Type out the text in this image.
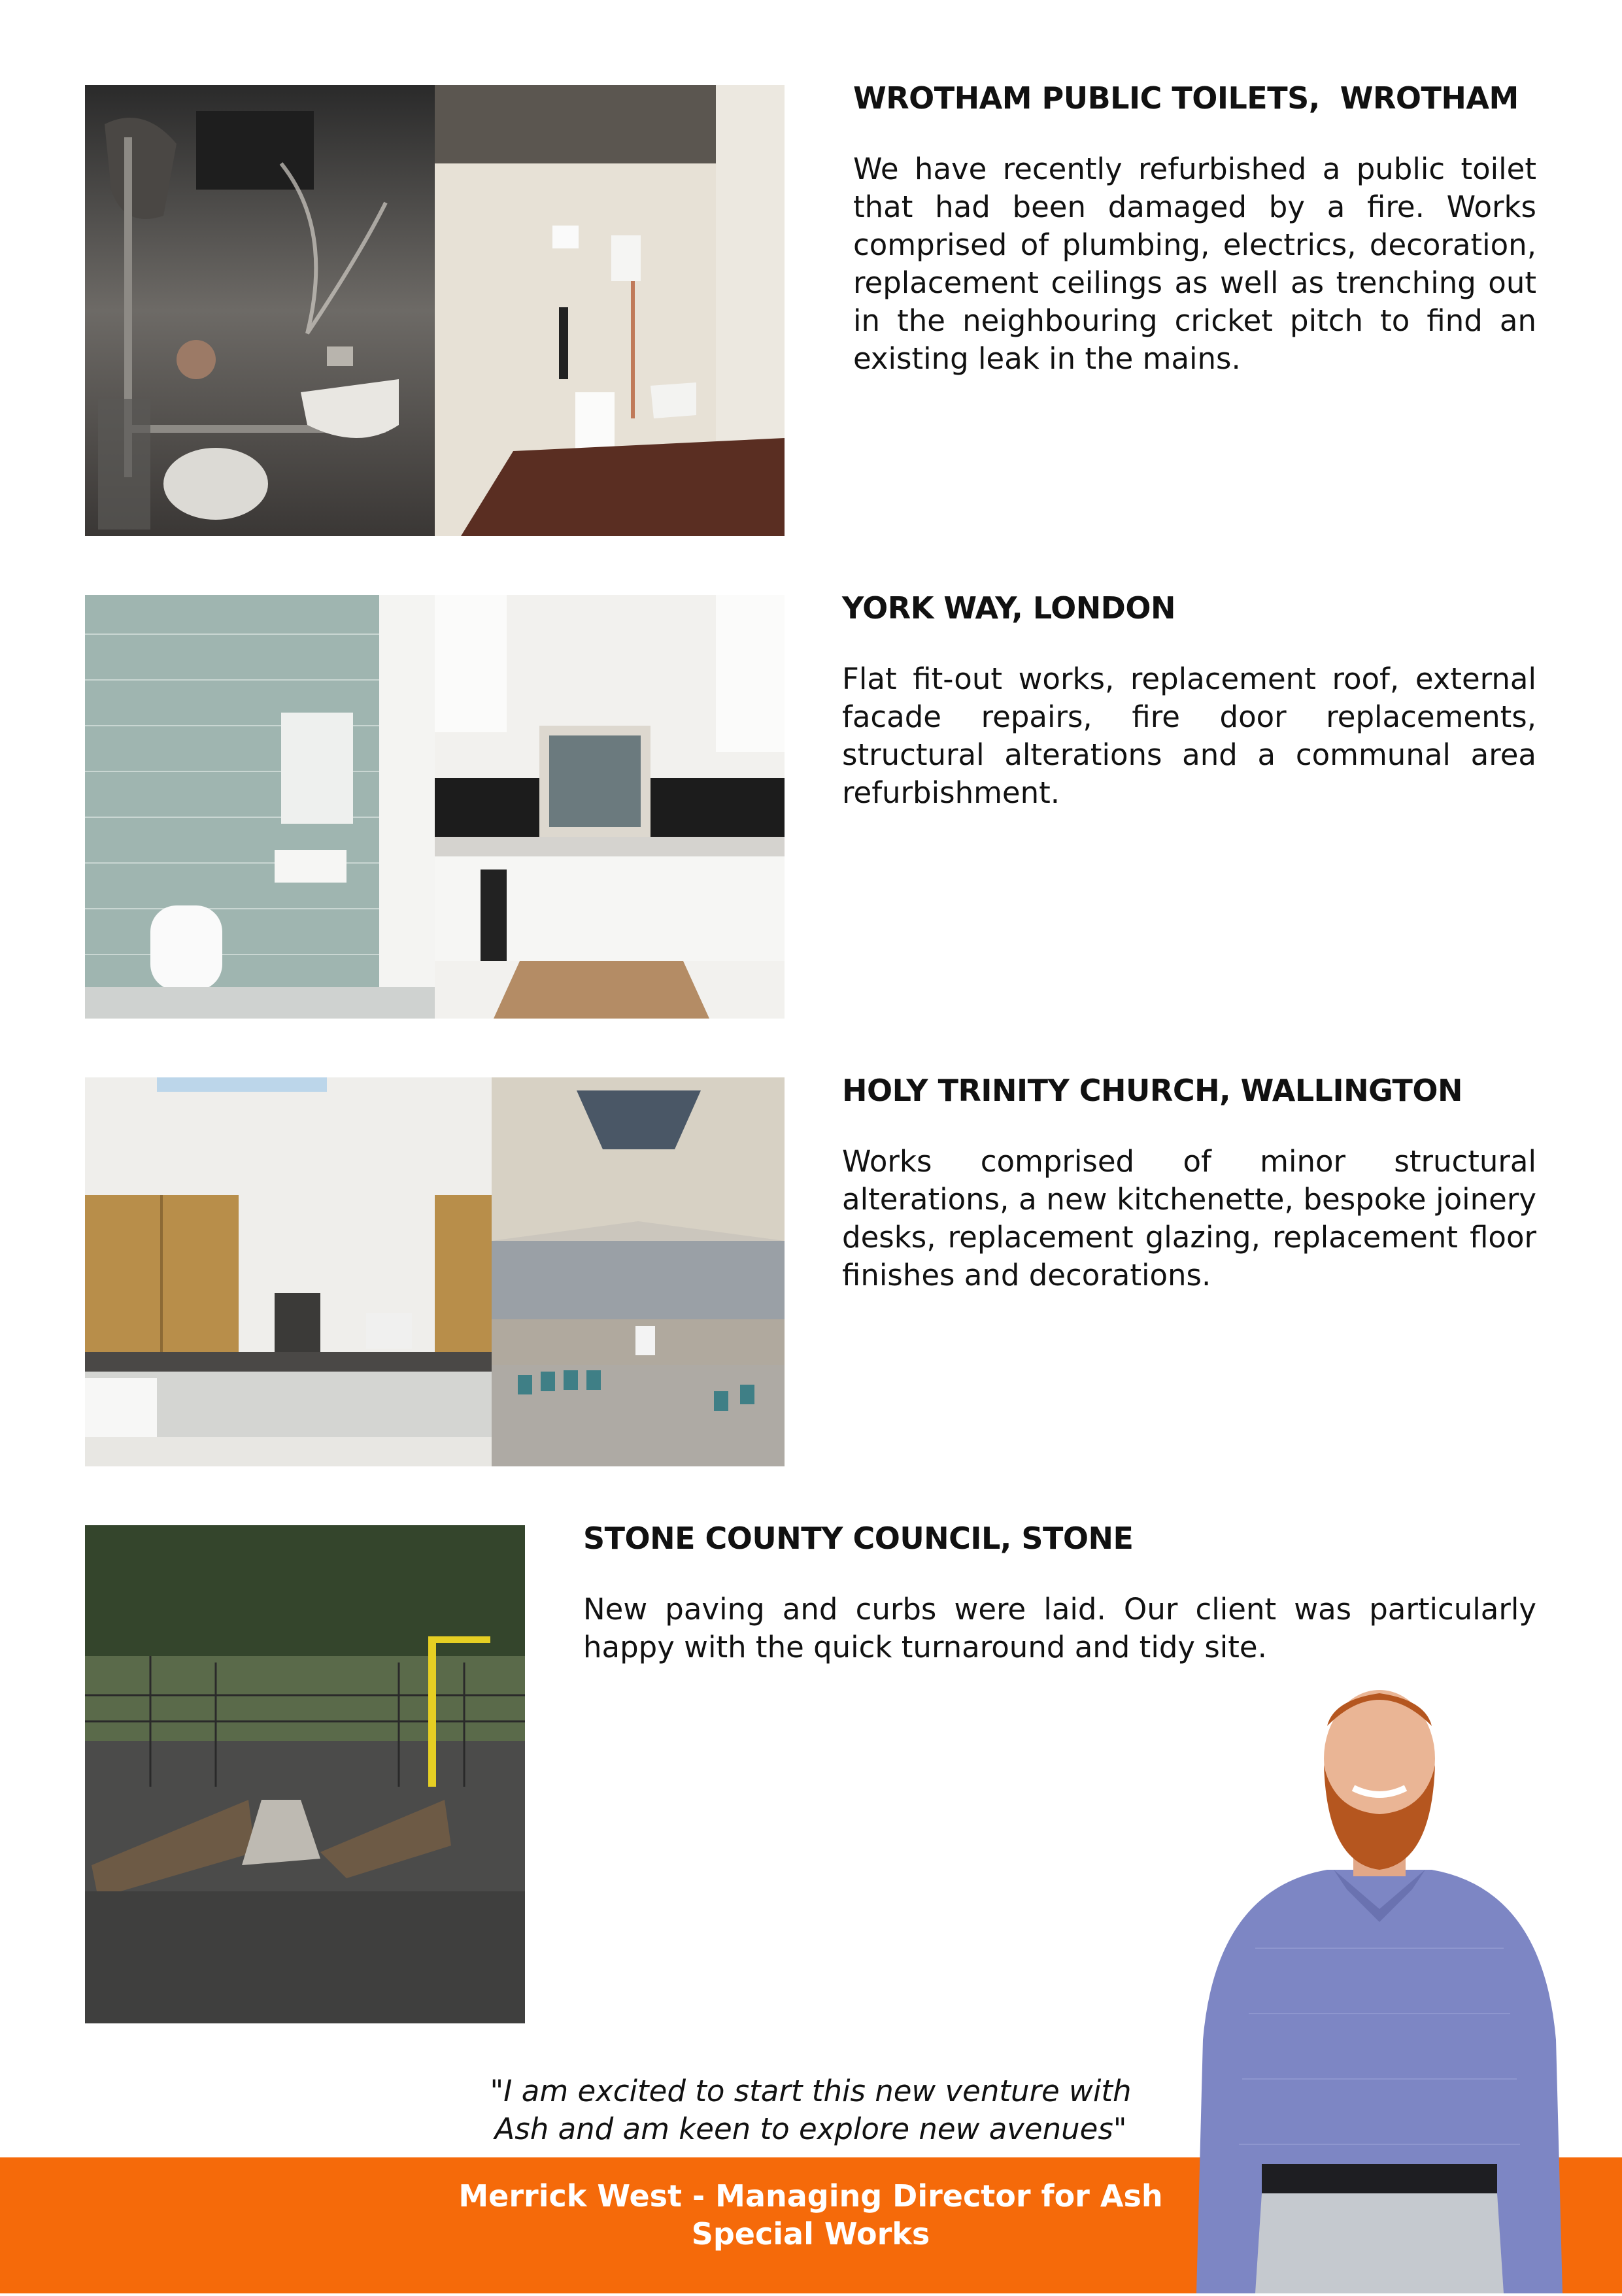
WROTHAM PUBLIC TOILETS,  WROTHAM

We have recently refurbished a public toilet that had been damaged by a fire. Works comprised of plumbing, electrics, decoration, replacement ceilings as well as trenching out in the neighbouring cricket pitch to find an existing leak in the mains.

YORK WAY, LONDON

Flat fit-out works, replacement roof, external facade repairs, fire door replacements, structural alterations and a communal area refurbishment.

HOLY TRINITY CHURCH, WALLINGTON

Works comprised of minor structural alterations, a new kitchenette, bespoke joinery desks, replacement glazing, replacement floor finishes and decorations.

STONE COUNTY COUNCIL, STONE

New paving and curbs were laid. Our client was particularly happy with the quick turnaround and tidy site.

"I am excited to start this new venture with
Ash and am keen to explore new avenues"
Merrick West - Managing Director for Ash
Special Works
